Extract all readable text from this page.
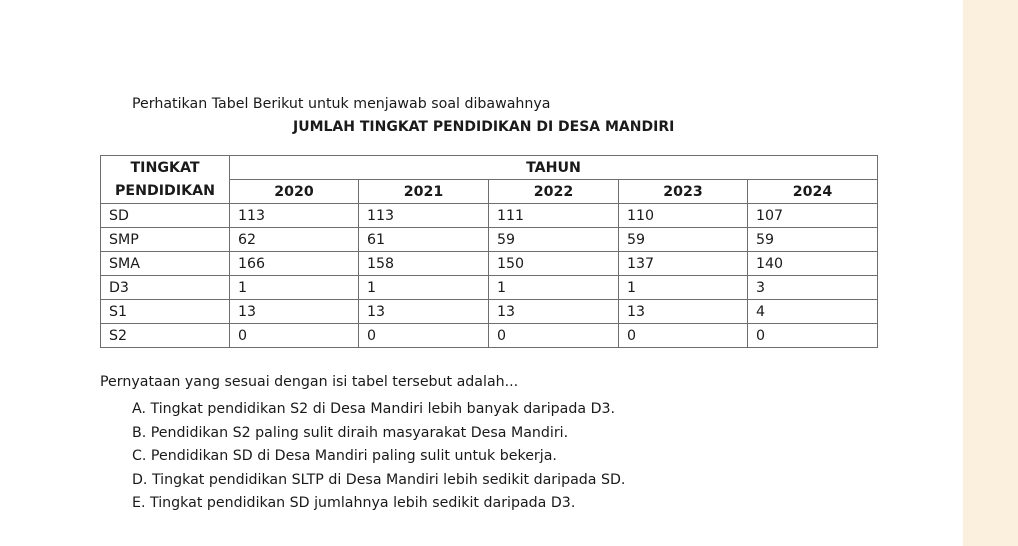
Perhatikan Tabel Berikut untuk menjawab soal dibawahnya
JUMLAH TINGKAT PENDIDIKAN DI DESA MANDIRI
TINGKAT	TAHUN				
PENDIDIKAN	2020	2021	2022	2023	2024
SD	113	113	111	110	107
SMP	62	61	59	59	59
SMA	166	158	150	137	140
D3	1	1	1	1	3
S1	13	13	13	13	4
S2	0	0	0	0	0
Pernyataan yang sesuai dengan isi tabel tersebut adalah...
A. Tingkat pendidikan S2 di Desa Mandiri lebih banyak daripada D3.
B. Pendidikan S2 paling sulit diraih masyarakat Desa Mandiri.
C. Pendidikan SD di Desa Mandiri paling sulit untuk bekerja.
D. Tingkat pendidikan SLTP di Desa Mandiri lebih sedikit daripada SD.
E. Tingkat pendidikan SD jumlahnya lebih sedikit daripada D3.
